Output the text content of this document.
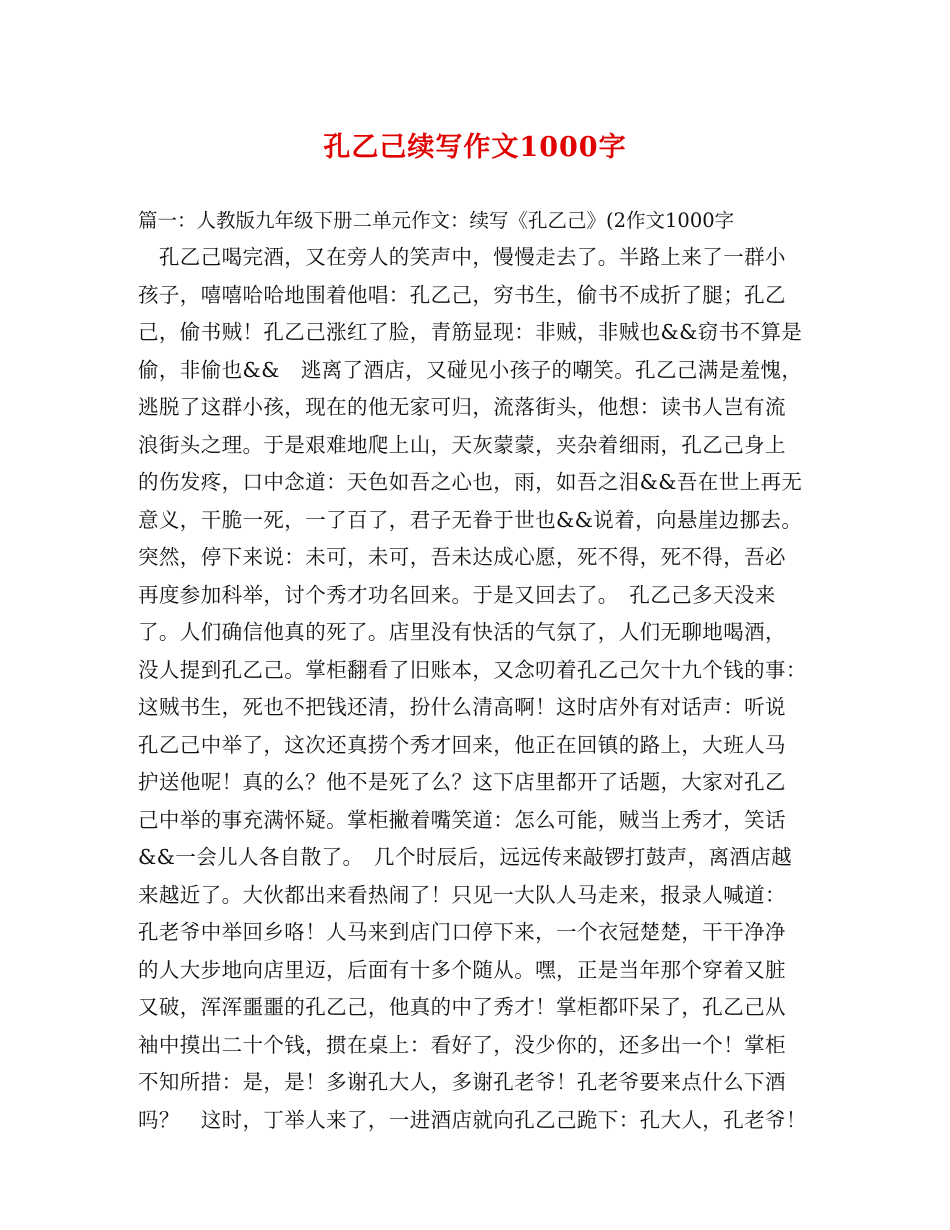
孔乙己续写作文1000字

篇一：人教版九年级下册二单元作文：续写《孔乙己》(2作文1000字

　孔乙己喝完酒，又在旁人的笑声中，慢慢走去了。半路上来了一群小
孩子，嘻嘻哈哈地围着他唱：孔乙己，穷书生，偷书不成折了腿；孔乙
己，偷书贼！孔乙己涨红了脸，青筋显现：非贼，非贼也&&窃书不算是
偷，非偷也&&　逃离了酒店，又碰见小孩子的嘲笑。孔乙己满是羞愧，
逃脱了这群小孩，现在的他无家可归，流落街头，他想：读书人岂有流
浪街头之理。于是艰难地爬上山，天灰蒙蒙，夹杂着细雨，孔乙己身上
的伤发疼，口中念道：天色如吾之心也，雨，如吾之泪&&吾在世上再无
意义，干脆一死，一了百了，君子无眷于世也&&说着，向悬崖边挪去。
突然，停下来说：未可，未可，吾未达成心愿，死不得，死不得，吾必
再度参加科举，讨个秀才功名回来。于是又回去了。　孔乙己多天没来
了。人们确信他真的死了。店里没有快活的气氛了，人们无聊地喝酒，
没人提到孔乙己。掌柜翻看了旧账本，又念叨着孔乙己欠十九个钱的事：
这贼书生，死也不把钱还清，扮什么清高啊！这时店外有对话声：听说
孔乙己中举了，这次还真捞个秀才回来，他正在回镇的路上，大班人马
护送他呢！真的么？他不是死了么？这下店里都开了话题，大家对孔乙
己中举的事充满怀疑。掌柜撇着嘴笑道：怎么可能，贼当上秀才，笑话
&&一会儿人各自散了。　几个时辰后，远远传来敲锣打鼓声，离酒店越
来越近了。大伙都出来看热闹了！只见一大队人马走来，报录人喊道：
孔老爷中举回乡咯！人马来到店门口停下来，一个衣冠楚楚，干干净净
的人大步地向店里迈，后面有十多个随从。嘿，正是当年那个穿着又脏
又破，浑浑噩噩的孔乙己，他真的中了秀才！掌柜都吓呆了，孔乙己从
袖中摸出二十个钱，掼在桌上：看好了，没少你的，还多出一个！掌柜
不知所措：是，是！多谢孔大人，多谢孔老爷！孔老爷要来点什么下酒
吗？　这时，丁举人来了，一进酒店就向孔乙己跪下：孔大人，孔老爷！
